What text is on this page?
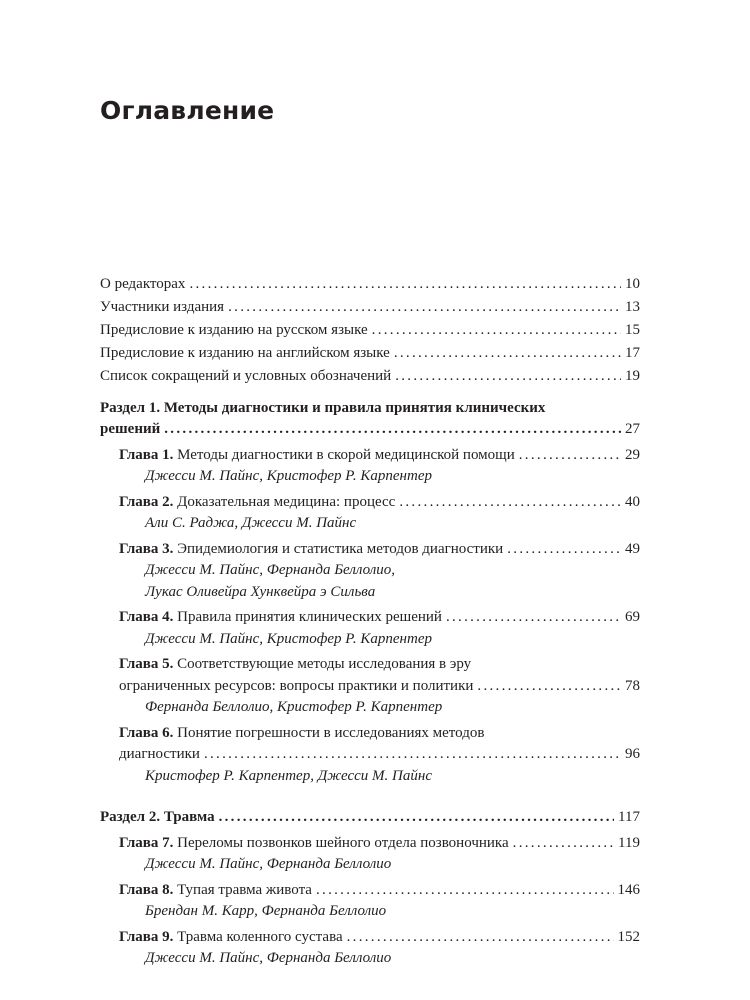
Оглавление
О редакторах .....	10
Участники издания .....	13
Предисловие к изданию на русском языке .....	15
Предисловие к изданию на английском языке .....	17
Список сокращений и условных обозначений .....	19
Раздел 1. Методы диагностики и правила принятия клинических
решений .....	27
Глава 1. Методы диагностики в скорой медицинской помощи .....	29
Джесси М. Пайнс, Кристофер Р. Карпентер
Глава 2. Доказательная медицина: процесс .....	40
Али С. Раджа, Джесси М. Пайнс
Глава 3. Эпидемиология и статистика методов диагностики .....	49
Джесси М. Пайнс, Фернанда Беллолио,
Лукас Оливейра Хунквейра э Сильва
Глава 4. Правила принятия клинических решений .....	69
Джесси М. Пайнс, Кристофер Р. Карпентер
Глава 5. Соответствующие методы исследования в эру
ограниченных ресурсов: вопросы практики и политики .....	78
Фернанда Беллолио, Кристофер Р. Карпентер
Глава 6. Понятие погрешности в исследованиях методов
диагностики .....	96
Кристофер Р. Карпентер, Джесси М. Пайнс
Раздел 2. Травма .....	117
Глава 7. Переломы позвонков шейного отдела позвоночника .....	119
Джесси М. Пайнс, Фернанда Беллолио
Глава 8. Тупая травма живота .....	146
Брендан М. Карр, Фернанда Беллолио
Глава 9. Травма коленного сустава .....	152
Джесси М. Пайнс, Фернанда Беллолио
